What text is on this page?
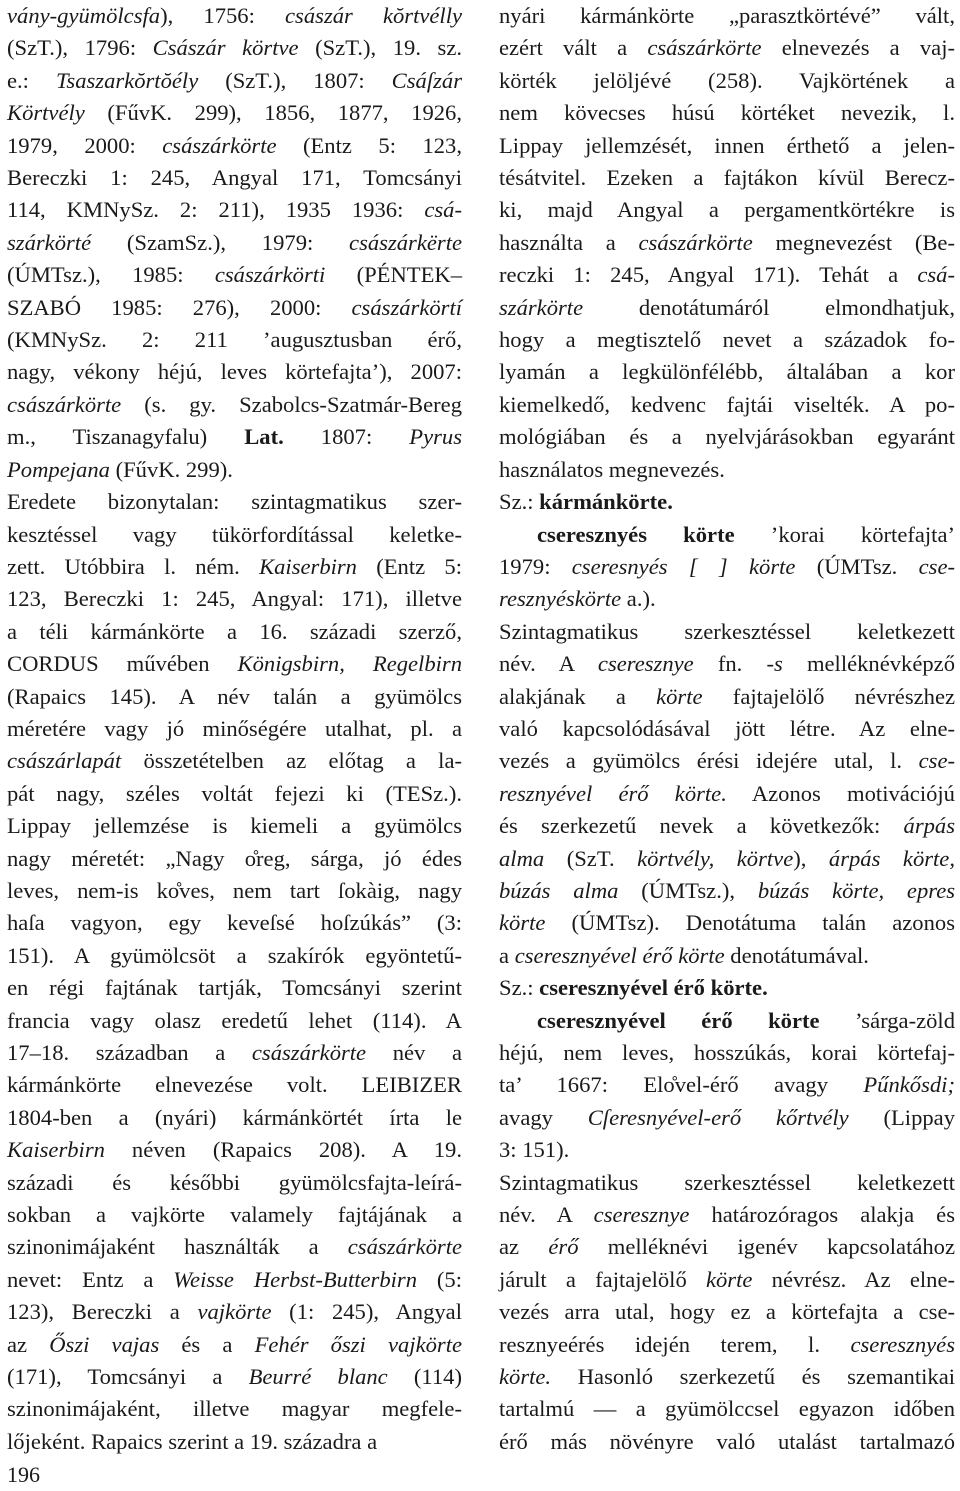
vány-gyümölcsfa), 1756: császár kŏrtvélly
(SzT.), 1796: Császár körtve (SzT.), 19. sz.
e.: Tsaszarkŏrtŏély (SzT.), 1807: Csáſzár
Körtvély (FűvK. 299), 1856, 1877, 1926,
1979, 2000: császárkörte (Entz 5: 123,
Bereczki 1: 245, Angyal 171, Tomcsányi
114, KMNySz. 2: 211), 1935 1936: csá-
szárkörté (SzamSz.), 1979: császárkërte
(ÚMTsz.), 1985: császárkörti (PÉNTEK–
SZABÓ 1985: 276), 2000: császárkörtí
(KMNySz. 2: 211 ’augusztusban érő,
nagy, vékony héjú, leves körtefajta’), 2007:
császárkörte (s. gy. Szabolcs-Szatmár-Bereg
m., Tiszanagyfalu) Lat. 1807: Pyrus
Pompejana (FűvK. 299).
Eredete bizonytalan: szintagmatikus szer-
kesztéssel vagy tükörfordítással keletke-
zett. Utóbbira l. ném. Kaiserbirn (Entz 5:
123, Bereczki 1: 245, Angyal: 171), illetve
a téli kármánkörte a 16. századi szerző,
CORDUS művében Königsbirn, Regelbirn
(Rapaics 145). A név talán a gyümölcs
méretére vagy jó minőségére utalhat, pl. a
császárlapát összetételben az előtag a la-
pát nagy, széles voltát fejezi ki (TESz.).
Lippay jellemzése is kiemeli a gyümölcs
nagy méretét: „Nagy o̊reg, sárga, jó édes
leves, nem-is ko̊ves, nem tart ſokàig, nagy
haſa vagyon, egy keveſsé hoſzúkás” (3:
151). A gyümölcsöt a szakírók egyöntetű-
en régi fajtának tartják, Tomcsányi szerint
francia vagy olasz eredetű lehet (114). A
17–18. században a császárkörte név a
kármánkörte elnevezése volt. LEIBIZER
1804-ben a (nyári) kármánkörtét írta le
Kaiserbirn néven (Rapaics 208). A 19.
századi és későbbi gyümölcsfajta-leírá-
sokban a vajkörte valamely fajtájának a
szinonimájaként használták a császárkörte
nevet: Entz a Weisse Herbst-Butterbirn (5:
123), Bereczki a vajkörte (1: 245), Angyal
az Őszi vajas és a Fehér őszi vajkörte
(171), Tomcsányi a Beurré blanc (114)
szinonimájaként, illetve magyar megfele-
lőjeként. Rapaics szerint a 19. századra a
nyári kármánkörte „parasztkörtévé” vált,
ezért vált a császárkörte elnevezés a vaj-
körték jelöljévé (258). Vajkörtének a
nem kövecses húsú körtéket nevezik, l.
Lippay jellemzését, innen érthető a jelen-
tésátvitel. Ezeken a fajtákon kívül Berecz-
ki, majd Angyal a pergamentkörtékre is
használta a császárkörte megnevezést (Be-
reczki 1: 245, Angyal 171). Tehát a csá-
szárkörte denotátumáról elmondhatjuk,
hogy a megtisztelő nevet a századok fo-
lyamán a legkülönfélébb, általában a kor
kiemelkedő, kedvenc fajtái viselték. A po-
mológiában és a nyelvjárásokban egyaránt
használatos megnevezés.
Sz.: kármánkörte.
cseresznyés körte ’korai körtefajta’
1979: cseresnyés [ ] körte (ÚMTsz. cse-
resznyéskörte a.).
Szintagmatikus szerkesztéssel keletkezett
név. A cseresznye fn. -s melléknévképző
alakjának a körte fajtajelölő névrészhez
való kapcsolódásával jött létre. Az elne-
vezés a gyümölcs érési idejére utal, l. cse-
resznyével érő körte. Azonos motivációjú
és szerkezetű nevek a következők: árpás
alma (SzT. körtvély, körtve), árpás körte,
búzás alma (ÚMTsz.), búzás körte, epres
körte (ÚMTsz). Denotátuma talán azonos
a cseresznyével érő körte denotátumával.
Sz.: cseresznyével érő körte.
cseresznyével érő körte ’sárga-zöld
héjú, nem leves, hosszúkás, korai körtefaj-
ta’ 1667: Elo̊vel-érő avagy Pűnkősdi;
avagy Cſeresnyével-erő kőrtvély (Lippay
3: 151).
Szintagmatikus szerkesztéssel keletkezett
név. A cseresznye határozóragos alakja és
az érő melléknévi igenév kapcsolatához
járult a fajtajelölő körte névrész. Az elne-
vezés arra utal, hogy ez a körtefajta a cse-
resznyeérés idején terem, l. cseresznyés
körte. Hasonló szerkezetű és szemantikai
tartalmú — a gyümölccsel egyazon időben
érő más növényre való utalást tartalmazó
196
